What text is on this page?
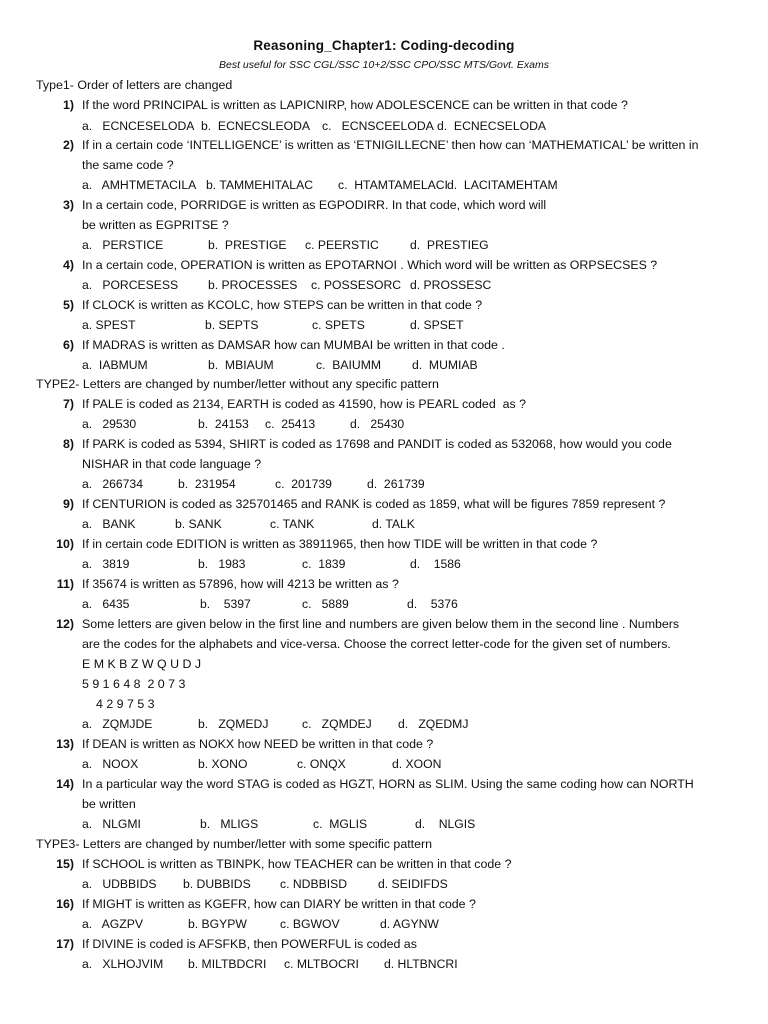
Reasoning_Chapter1: Coding-decoding
Best useful for SSC CGL/SSC 10+2/SSC CPO/SSC MTS/Govt. Exams
Type1- Order of letters are changed
1) If the word PRINCIPAL is written as LAPICNIRP, how ADOLESCENCE can be written in that code ?
a.   ECNCESELODA b.  ECNECSLEODA c.   ECNSCEELODA d.  ECNECSELODA
2) If in a certain code ‘INTELLIGENCE’ is written as ‘ETNIGILLECNE’ then how can ‘MATHEMATICAL’ be written in
the same code ?
a.   AMHTMETACILA b. TAMMEHITALAC c.  HTAMTAMELACI d.  LACITAMEHTAM
3) In a certain code, PORRIDGE is written as EGPODIRR. In that code, which word will
be written as EGPRITSE ?
a.   PERSTICE	b.  PRESTIGE c. PEERSTIC	d.  PRESTIEG
4) In a certain code, OPERATION is written as EPOTARNOI . Which word will be written as ORPSECSES ?
a.   PORCESESS b. PROCESSES c. POSSESORC d. PROSSESC
5) If CLOCK is written as KCOLC, how STEPS can be written in that code ?
a. SPEST	b. SEPTS	c. SPETS	d. SPSET
6) If MADRAS is written as DAMSAR how can MUMBAI be written in that code .
a.  IABMUM	b.  MBIAUM	c.  BAIUMM	d.  MUMIAB
TYPE2- Letters are changed by number/letter without any specific pattern
7) If PALE is coded as 2134, EARTH is coded as 41590, how is PEARL coded  as ?
a.   29530	b.  24153 c.  25413	d.   25430
8) If PARK is coded as 5394, SHIRT is coded as 17698 and PANDIT is coded as 532068, how would you code
NISHAR in that code language ?
a.   266734	b.  231954	c.  201739	d.  261739
9) If CENTURION is coded as 325701465 and RANK is coded as 1859, what will be figures 7859 represent ?
a.   BANK	b. SANK	c. TANK	d. TALK
10) If in certain code EDITION is written as 38911965, then how TIDE will be written in that code ?
a.   3819	b.   1983	c.  1839	d.    1586
11) If 35674 is written as 57896, how will 4213 be written as ?
a.   6435	b.    5397	c.   5889	d.    5376
12) Some letters are given below in the first line and numbers are given below them in the second line . Numbers
are the codes for the alphabets and vice-versa. Choose the correct letter-code for the given set of numbers.
E M K B Z W Q U D J
5 9 1 6 4 8  2 0 7 3
4 2 9 7 5 3
a.   ZQMJDE	b.   ZQMEDJ	c.   ZQMDEJ d.   ZQEDMJ
13) If DEAN is written as NOKX how NEED be written in that code ?
a.   NOOX	b. XONO	c. ONQX	d. XOON
14) In a particular way the word STAG is coded as HGZT, HORN as SLIM. Using the same coding how can NORTH
be written
a.   NLGMI	b.   MLIGS	c.  MGLIS	d.    NLGIS
TYPE3- Letters are changed by number/letter with some specific pattern
15) If SCHOOL is written as TBINPK, how TEACHER can be written in that code ?
a.   UDBBIDS b. DUBBIDS c. NDBBISD	d. SEIDIFDS
16) If MIGHT is written as KGEFR, how can DIARY be written in that code ?
a.   AGZPV	b. BGYPW	c. BGWOV	d. AGYNW
17) If DIVINE is coded is AFSFKB, then POWERFUL is coded as
a.   XLHOJVIM b. MILTBDCRI c. MLTBOCRI d. HLTBNCRI
